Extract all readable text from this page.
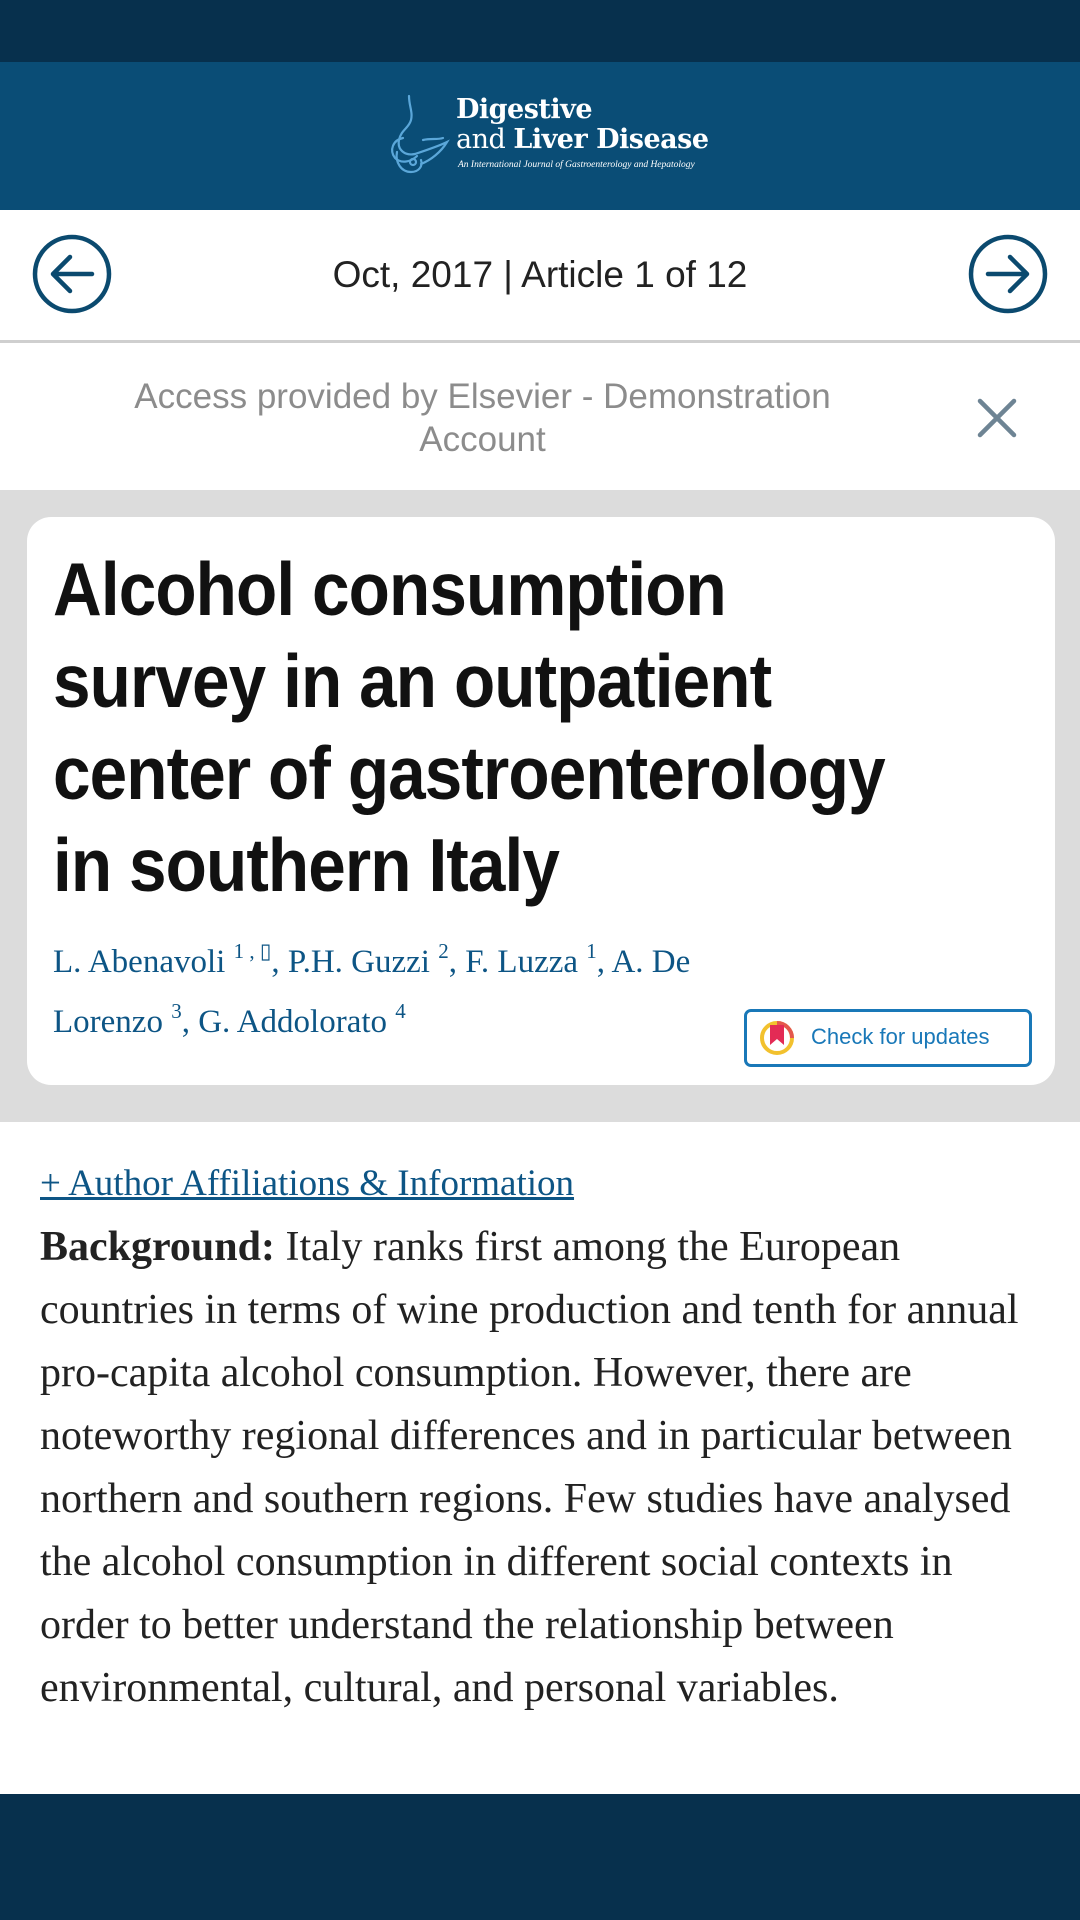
Digestive
and Liver Disease
An International Journal of Gastroenterology and Hepatology
Oct, 2017 | Article 1 of 12
Access provided by Elsevier - Demonstration Account
Alcohol consumption survey in an outpatient center of gastroenterology in southern Italy
L. Abenavoli $^{1 , ▯}$, P.H. Guzzi $^2$, F. Luzza $^1$, A. De Lorenzo $^3$, G. Addolorato $^4$
Check for updates
+ Author Affiliations & Information

Background: Italy ranks first among the European countries in terms of wine production and tenth for annual pro-capita alcohol consumption. However, there are noteworthy regional differences and in particular between northern and southern regions. Few studies have analysed the alcohol consumption in different social contexts in order to better understand the relationship between environmental, cultural, and personal variables.
